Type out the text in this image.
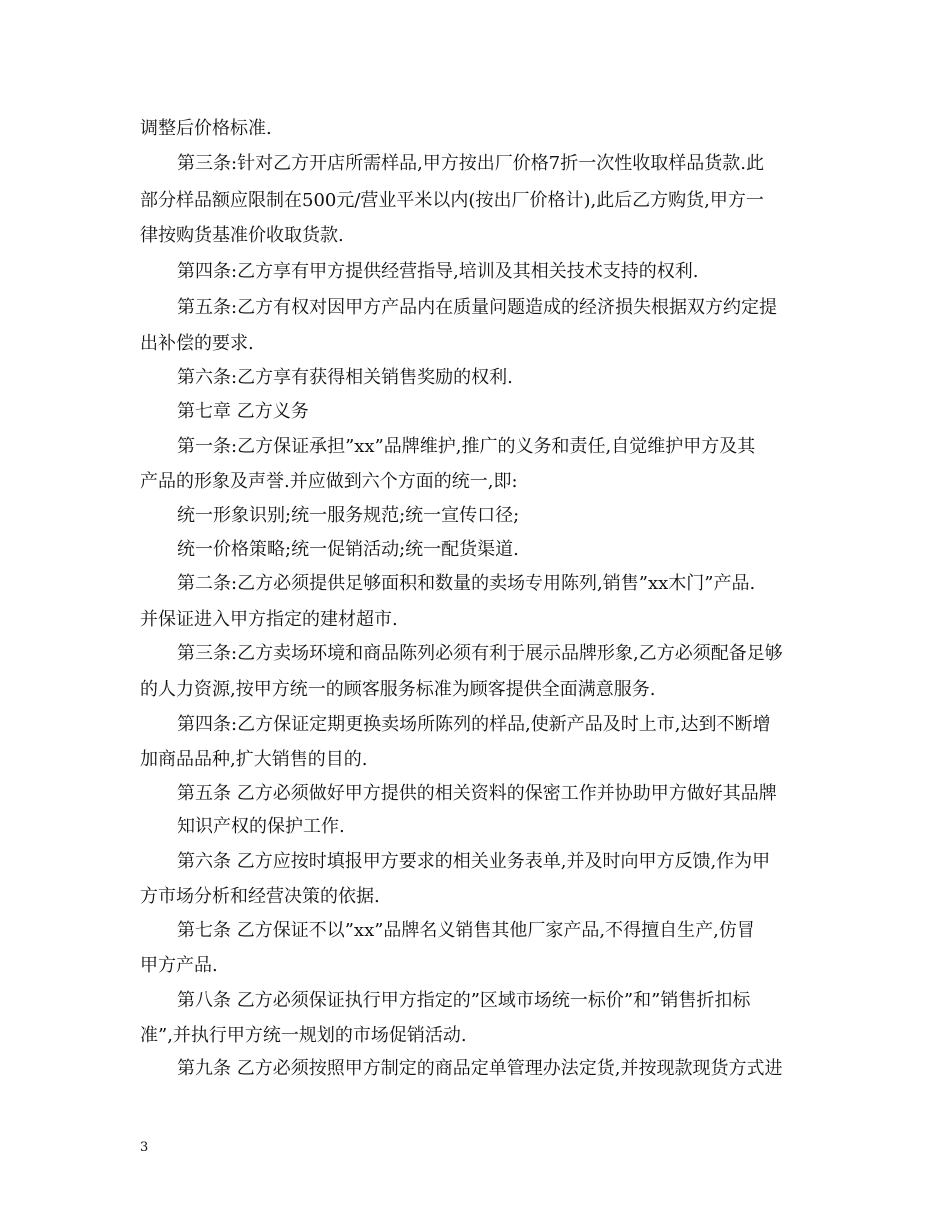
调整后价格标准.
第三条:针对乙方开店所需样品,甲方按出厂价格7折一次性收取样品货款.此
部分样品额应限制在500元/营业平米以内(按出厂价格计),此后乙方购货,甲方一
律按购货基准价收取货款.
第四条:乙方享有甲方提供经营指导,培训及其相关技术支持的权利.
第五条:乙方有权对因甲方产品内在质量问题造成的经济损失根据双方约定提
出补偿的要求.
第六条:乙方享有获得相关销售奖励的权利.
第七章 乙方义务
第一条:乙方保证承担”xx”品牌维护,推广的义务和责任,自觉维护甲方及其
产品的形象及声誉.并应做到六个方面的统一,即:
统一形象识别;统一服务规范;统一宣传口径;
统一价格策略;统一促销活动;统一配货渠道.
第二条:乙方必须提供足够面积和数量的卖场专用陈列,销售”xx木门”产品.
并保证进入甲方指定的建材超市.
第三条:乙方卖场环境和商品陈列必须有利于展示品牌形象,乙方必须配备足够
的人力资源,按甲方统一的顾客服务标准为顾客提供全面满意服务.
第四条:乙方保证定期更换卖场所陈列的样品,使新产品及时上市,达到不断增
加商品品种,扩大销售的目的.
第五条 乙方必须做好甲方提供的相关资料的保密工作并协助甲方做好其品牌
知识产权的保护工作.
第六条 乙方应按时填报甲方要求的相关业务表单,并及时向甲方反馈,作为甲
方市场分析和经营决策的依据.
第七条 乙方保证不以”xx”品牌名义销售其他厂家产品,不得擅自生产,仿冒
甲方产品.
第八条 乙方必须保证执行甲方指定的”区域市场统一标价”和”销售折扣标
准”,并执行甲方统一规划的市场促销活动.
第九条 乙方必须按照甲方制定的商品定单管理办法定货,并按现款现货方式进
3
